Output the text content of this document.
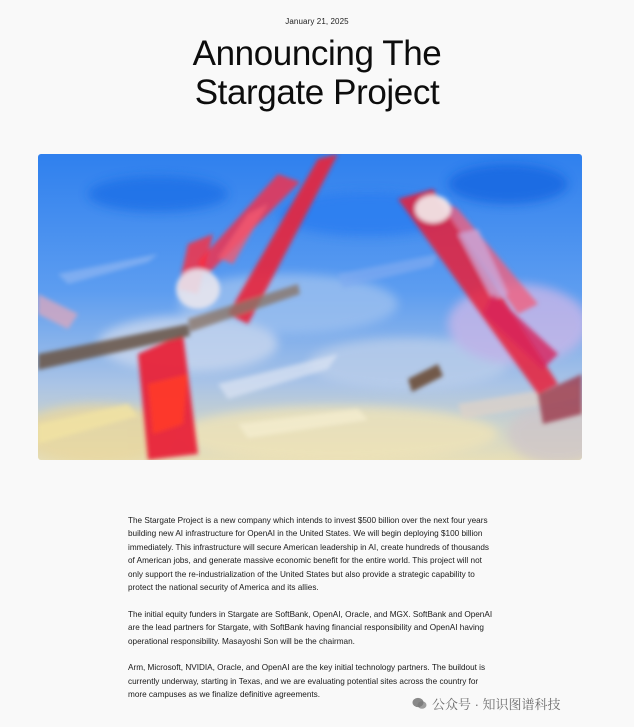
January 21, 2025
Announcing The
Stargate Project

The Stargate Project is a new company which intends to invest $500 billion over the next four years building new AI infrastructure for OpenAI in the United States. We will begin deploying $100 billion immediately. This infrastructure will secure American leadership in AI, create hundreds of thousands of American jobs, and generate massive economic benefit for the entire world. This project will not only support the re-industrialization of the United States but also provide a strategic capability to protect the national security of America and its allies.

The initial equity funders in Stargate are SoftBank, OpenAI, Oracle, and MGX. SoftBank and OpenAI are the lead partners for Stargate, with SoftBank having financial responsibility and OpenAI having operational responsibility. Masayoshi Son will be the chairman.

Arm, Microsoft, NVIDIA, Oracle, and OpenAI are the key initial technology partners. The buildout is currently underway, starting in Texas, and we are evaluating potential sites across the country for more campuses as we finalize definitive agreements.

公众号 · 知识图谱科技
